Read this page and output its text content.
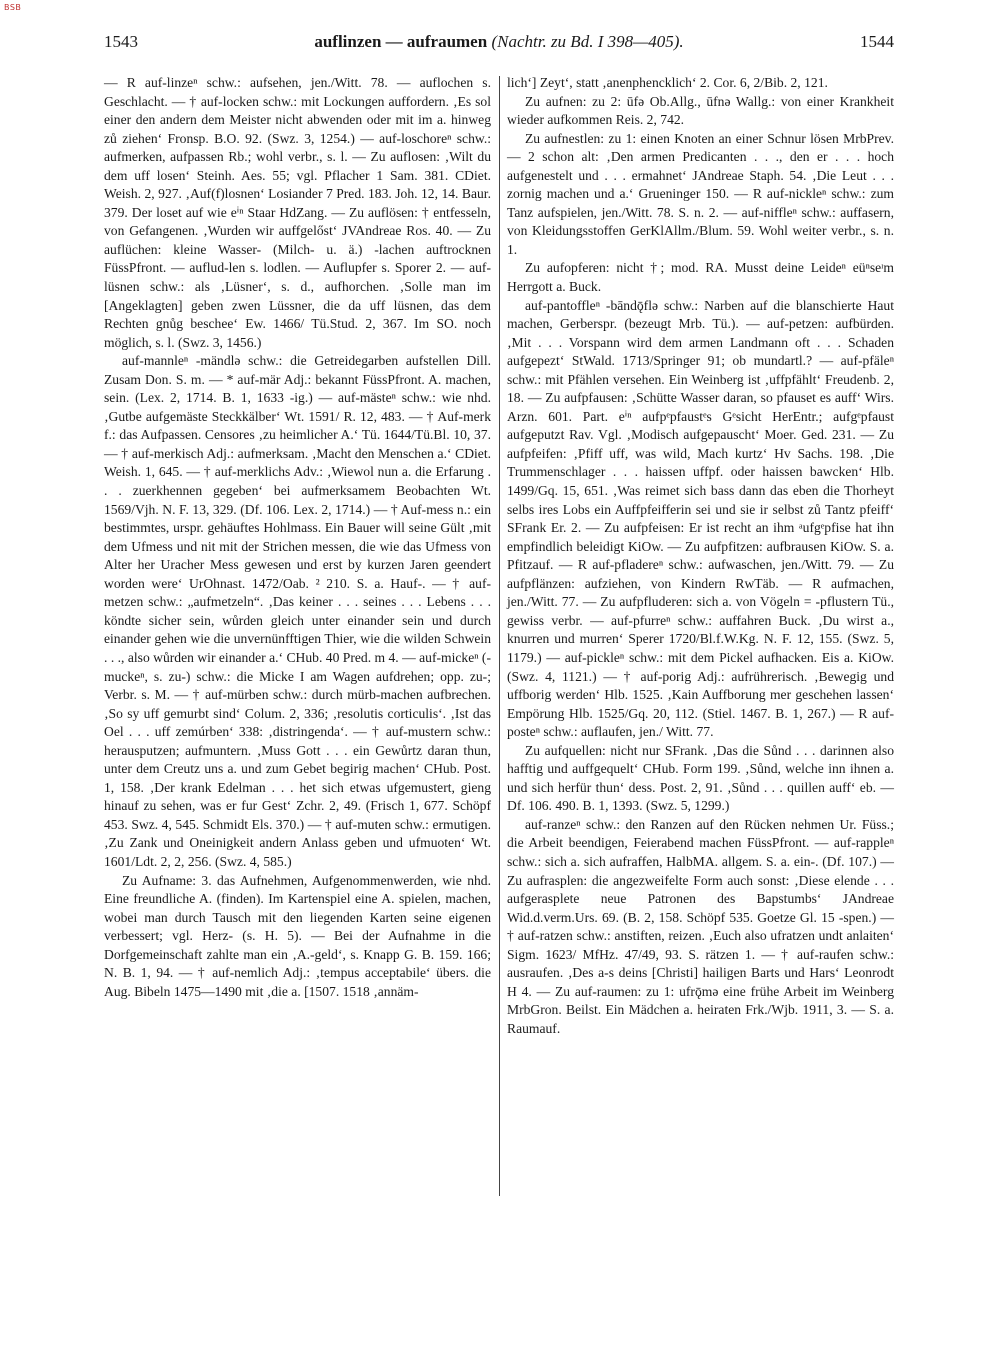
BSB
1543	auflinzen — aufraumen (Nachtr. zu Bd. I 398—405).	1544

— R auf-linzeⁿ schw.: aufsehen, jen./Witt. 78. — aufl͏ochen s. Geschlacht. — † auf-locken schw.: mit Lockungen auffordern. ‚Es sol einer den andern dem Meister nicht abwenden oder mit im a. hinweg zů ziehen‘ Fronsp. B.O. 92. (Swz. 3, 1254.) — auf-loschoreⁿ schw.: aufmerken, aufpassen Rb.; wohl verbr., s. l. — Zu auflosen: ‚Wilt du dem uff losen‘ Steinh. Aes. 55; vgl. Pflacher 1 Sam. 381. CDiet. Weish. 2, 927. ‚Auf(f)losnen‘ Losiander 7 Pred. 183. Joh. 12, 14. Baur. 379. Der loset auf wie eⁱⁿ Staar HdZang. — Zu auflösen: † entfesseln, von Gefangenen. ‚Wurden wir auffgelőst‘ JVAndreae Ros. 40. — Zu auflüchen: kleine Wasser- (Milch- u. ä.) -lachen auftrocknen FüssPfront. — auflud-len s. lodlen. — Auflupfer s. Sporer 2. — auf-lüsnen schw.: als ‚Lüsner‘, s. d., aufhorchen. ‚Solle man im [Angeklagten] geben zwen Lüssner, die da uff lüsnen, das dem Rechten gnůg bescheе‘ Ew. 1466/ Tü.Stud. 2, 367. Im SO. noch möglich, s. l. (Swz. 3, 1456.)

auf-mannleⁿ -mändlə schw.: die Getreidegarben aufstellen Dill. Zusam Don. S. m. — * auf-mär Adj.: bekannt FüssPfront. A. machen, sein. (Lex. 2, 1714. B. 1, 1633 -ig.) — auf-mästeⁿ schw.: wie nhd. ‚Gutbe aufgemäste Steckkälber‘ Wt. 1591/ R. 12, 483. — † Auf-merk f.: das Aufpassen. Censores ‚zu heimlicher A.‘ Tü. 1644/Tü.Bl. 10, 37. — † auf-merkisch Adj.: aufmerksam. ‚Macht den Menschen a.‘ CDiet. Weish. 1, 645. — † auf-merklichs Adv.: ‚Wiewol nun a. die Erfarung . . . zuerkhennen gegeben‘ bei aufmerksamem Beobachten Wt. 1569/Vjh. N. F. 13, 329. (Df. 106. Lex. 2, 1714.) — † Auf-mess n.: ein bestimmtes, urspr. gehäuftes Hohlmass. Ein Bauer will seine Gült ‚mit dem Ufmess und nit mit der Strichen messen, die wie das Ufmess von Alter her Uracher Mess gewesen und erst by kurzen Jaren geendert worden were‘ UrOhnast. 1472/Oab. ² 210. S. a. Hauf-. — † auf-metzen schw.: „aufmetzeln“. ‚Das keiner . . . seines . . . Lebens . . . köndte sicher sein, wůrden gleich unter einander sein und durch einander gehen wie die unvernünfftigen Thier, wie die wilden Schwein . . ., also wůrden wir einander a.‘ CHub. 40 Pred. m 4. — auf-mickeⁿ (-muckeⁿ, s. zu-) schw.: die Micke I am Wagen aufdrehen; opp. zu-; Verbr. s. M. — † auf-mürben schw.: durch mürb-machen aufbrechen. ‚So sy uff gemurbt sind‘ Colum. 2, 336; ‚resolutis corticulis‘. ‚Ist das Oel . . . uff zemúrben‘ 338: ‚distringenda‘. — † auf-mustern schw.: herausputzen; aufmuntern. ‚Muss Gott . . . ein Gewůrtz daran thun, unter dem Creutz uns a. und zum Gebet begirig machen‘ CHub. Post. 1, 158. ‚Der krank Edelman . . . het sich etwas ufgemustert, gieng hinauf zu sehen, was er fur Gest‘ Zchr. 2, 49. (Frisch 1, 677. Schöpf 453. Swz. 4, 545. Schmidt Els. 370.) — † auf-muten schw.: ermutigen. ‚Zu Zank und Oneinigkeit andern Anlass geben und ufmuoten‘ Wt. 1601/Ldt. 2, 2, 256. (Swz. 4, 585.)

Zu Aufname: 3. das Aufnehmen, Aufgenommenwerden, wie nhd. Eine freundliche A. (finden). Im Kartenspiel eine A. spielen, machen, wobei man durch Tausch mit den liegenden Karten seine eigenen verbessert; vgl. Herz- (s. H. 5). — Bei der Aufnahme in die Dorfgemeinschaft zahlte man ein ‚A.-geld‘, s. Knapp G. B. 159. 166; N. B. 1, 94. — † auf-nemlich Adj.: ‚tempus acceptabile‘ übers. die Aug. Bibeln 1475—1490 mit ‚die a. [1507. 1518 ‚annäm-

lich‘] Zeyt‘, statt ‚anenphencklich‘ 2. Cor. 6, 2/Bib. 2, 121.

Zu aufnen: zu 2: ūfə Ob.Allg., ūfnə Wallg.: von einer Krankheit wieder aufkommen Reis. 2, 742.

Zu aufnestlen: zu 1: einen Knoten an einer Schnur lösen MrbPrev. — 2 schon alt: ‚Den armen Predicanten . . ., den er . . . hoch aufgenestelt und . . . ermahnet‘ JAndreae Staph. 54. ‚Die Leut . . . zornig machen und a.‘ Grueninger 150. — R auf-nickleⁿ schw.: zum Tanz aufspielen, jen./Witt. 78. S. n. 2. — auf-niffleⁿ schw.: auffasern, von Kleidungsstoffen GerKlAllm./Blum. 59. Wohl weiter verbr., s. n. 1.

Zu aufopferen: nicht †; mod. RA. Musst deine Leideⁿ eüⁿseᶦm Herrgott a. Buck.

auf-pantoffleⁿ -bāndǭflə schw.: Narben auf die blanschierte Haut machen, Gerberspr. (bezeugt Mrb. Tü.). — auf-petzen: aufbürden. ‚Mit . . . Vorspann wird dem armen Landmann oft . . . Schaden aufgepezt‘ StWald. 1713/Springer 91; ob mundartl.? — auf-pfäleⁿ schw.: mit Pfählen versehen. Ein Weinberg ist ‚uffpfählt‘ Freudenb. 2, 18. — Zu aufpfausen: ‚Schütte Wasser daran, so pfauset es auff‘ Wirs. Arzn. 601. Part. eⁱⁿ aufpᵉpfaustᵉs Gᵉsicht HerEntr.; aufgᵉpfaust aufgeputzt Rav. Vgl. ‚Modisch aufgepauscht‘ Moer. Ged. 231. — Zu aufpfeifen: ‚Pfiff uff, was wild, Mach kurtz‘ Hv Sachs. 198. ‚Die Trummenschlager . . . haissen uffpf. oder haissen bawcken‘ Hlb. 1499/Gq. 15, 651. ‚Was reimet sich bass dann das eben die Thorheyt selbs ires Lobs ein Auffpfeifferin sei und sie ir selbst zů Tantz pfeiff‘ SFrank Er. 2. — Zu aufpfeisen: Er ist recht an ihm ᵃufgᵉpfise hat ihn empfindlich beleidigt KiOw. — Zu aufpfitzen: aufbrausen KiOw. S. a. Pfitzauf. — R auf-pfladereⁿ schw.: aufwaschen, jen./Witt. 79. — Zu aufpflänzen: aufziehen, von Kindern RwTäb. — R aufmachen, jen./Witt. 77. — Zu aufpfluderen: sich a. von Vögeln = -pflustern Tü., gewiss verbr. — auf-pfurreⁿ schw.: auffahren Buck. ‚Du wirst a., knurren und murren‘ Sperer 1720/Bl.f.W.Kg. N. F. 12, 155. (Swz. 5, 1179.) — auf-pickleⁿ schw.: mit dem Pickel aufhacken. Eis a. KiOw. (Swz. 4, 1121.) — † auf-porig Adj.: aufrührerisch. ‚Bewegig und uffborig werden‘ Hlb. 1525. ‚Kain Auffborung mer geschehen lassen‘ Empörung Hlb. 1525/Gq. 20, 112. (Stiel. 1467. B. 1, 267.) — R auf-posteⁿ schw.: auflaufen, jen./ Witt. 77.

Zu aufquellen: nicht nur SFrank. ‚Das die Sůnd . . . darinnen also hafftig und auffgequelt‘ CHub. Form 199. ‚Sůnd, welche inn ihnen a. und sich herfür thun‘ dess. Post. 2, 91. ‚Sůnd . . . quillen auff‘ eb. — Df. 106. 490. B. 1, 1393. (Swz. 5, 1299.)

auf-ranzeⁿ schw.: den Ranzen auf den Rücken nehmen Ur. Füss.; die Arbeit beendigen, Feierabend machen FüssPfront. — auf-rappleⁿ schw.: sich a. sich aufraffen, HalbMA. allgem. S. a. ein-. (Df. 107.) — Zu aufrasplen: die angezweifelte Form auch sonst: ‚Diese elende . . . aufgerasplete neue Patronen des Bapstumbs‘ JAndreae Wid.d.verm.Urs. 69. (B. 2, 158. Schöpf 535. Goetze Gl. 15 -spen.) — † auf-ratzen schw.: anstiften, reizen. ‚Euch also ufratzen undt anlaiten‘ Sigm. 1623/ MfHz. 47/49, 93. S. rätzen 1. — † auf-raufen schw.: ausraufen. ‚Des a-s deins [Christi] hailigen Barts und Hars‘ Leonrodt H 4. — Zu auf-raumen: zu 1: ufrǭmə eine frühe Arbeit im Weinberg MrbGron. Beilst. Ein Mädchen a. heiraten Frk./Wjb. 1911, 3. — S. a. Raumauf.
